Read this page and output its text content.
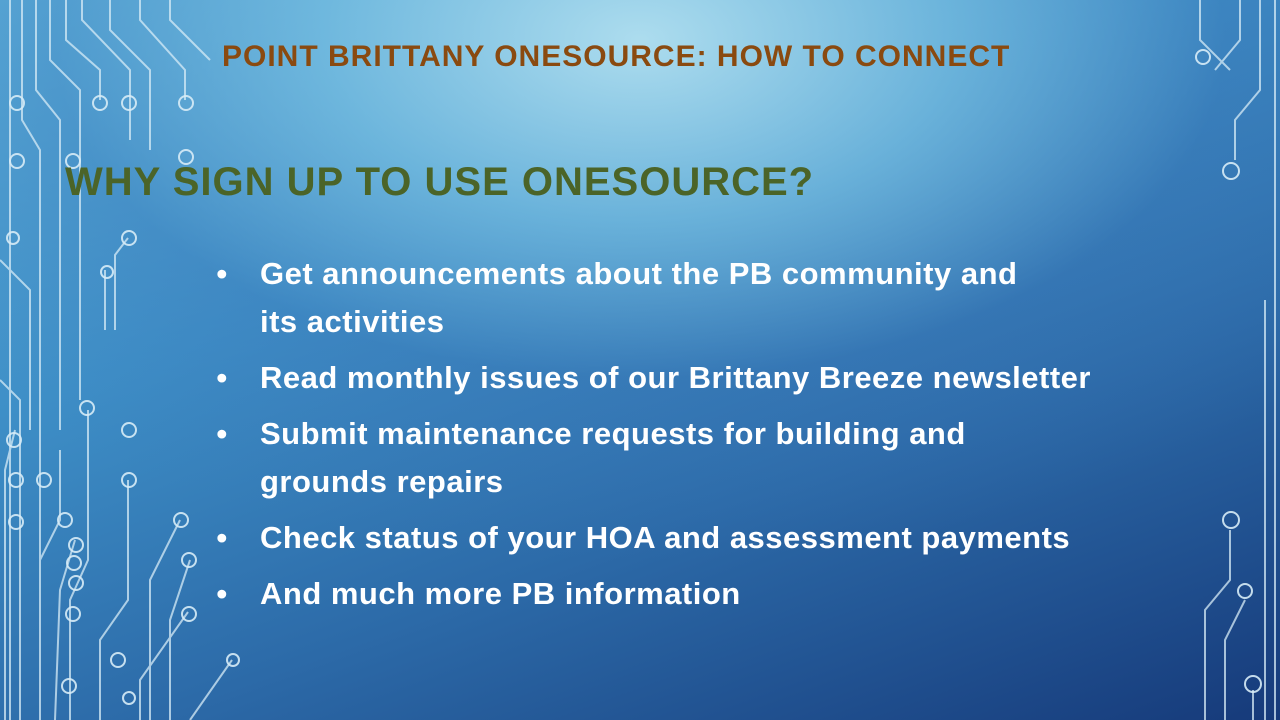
POINT BRITTANY ONESOURCE: HOW TO CONNECT
WHY SIGN UP TO USE ONESOURCE?
• Get announcements about the PB community and
its activities
• Read monthly issues of our Brittany Breeze newsletter
• Submit maintenance requests for building and
grounds repairs
• Check status of your HOA and assessment payments
• And much more PB information
